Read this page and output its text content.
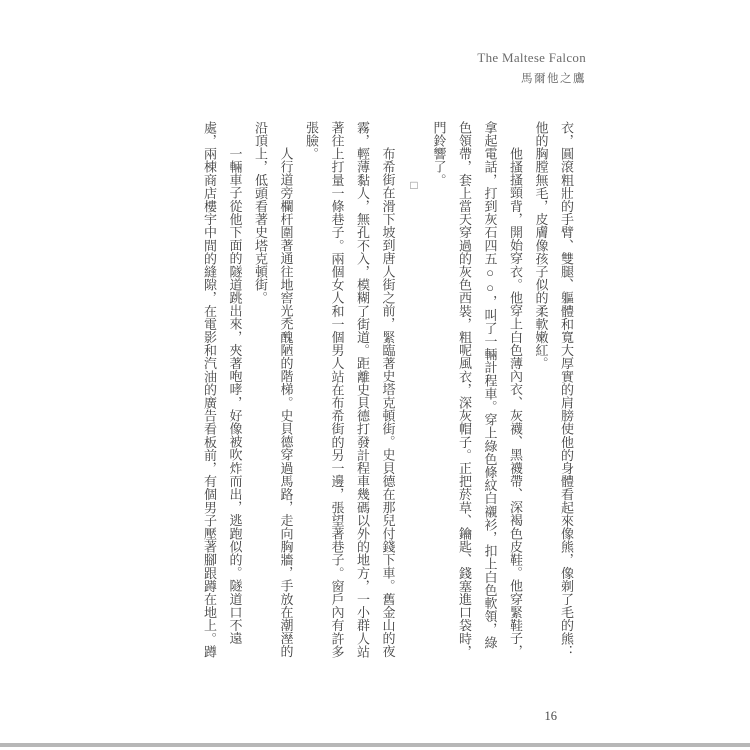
The Maltese Falcon
馬爾他之鷹

衣，圓滾粗壯的手臂、雙腿、軀體和寬大厚實的肩膀使他的身體看起來像熊，像剃了毛的熊：他的胸膛無毛，皮膚像孩子似的柔軟嫩紅。

他搔搔頸背，開始穿衣。他穿上白色薄內衣、灰襪、黑襪帶、深褐色皮鞋。他穿緊鞋子，拿起電話，打到灰石四五○○，叫了一輛計程車。穿上綠色條紋白襯衫，扣上白色軟領，綠色領帶，套上當天穿過的灰色西裝，粗呢風衣，深灰帽子。正把菸草、鑰匙、錢塞進口袋時，門鈴響了。

□

布希街在滑下坡到唐人街之前，緊臨著史塔克頓街。史貝德在那兒付錢下車。舊金山的夜霧，輕薄黏人，無孔不入，模糊了街道。距離史貝德打發計程車幾碼以外的地方，一小群人站著往上打量一條巷子。兩個女人和一個男人站在布希街的另一邊，張望著巷子。窗戶內有許多張臉。

人行道旁欄杆圍著通往地窖光禿醜陋的階梯。史貝德穿過馬路，走向胸牆，手放在潮溼的沿頂上，低頭看著史塔克頓街。

一輛車子從他下面的隧道跳出來，夾著咆哮，好像被吹炸而出，逃跑似的。隧道口不遠處，兩棟商店樓宇中間的縫隙，在電影和汽油的廣告看板前，有個男子壓著腳跟蹲在地上。蹲

16
